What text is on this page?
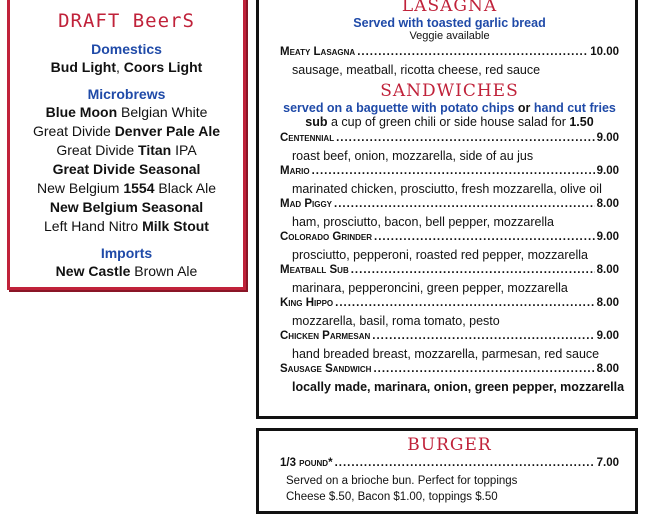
DRAFT BeerS
Domestics
Bud Light, Coors Light
Microbrews
Blue Moon Belgian White
Great Divide Denver Pale Ale
Great Divide Titan IPA
Great Divide Seasonal
New Belgium 1554 Black Ale
New Belgium Seasonal
Left Hand Nitro Milk Stout
Imports
New Castle Brown Ale
LASAGNA
Served with toasted garlic bread
Veggie available
Meaty Lasagna .....	10.00
sausage, meatball, ricotta cheese, red sauce
SANDWICHES
served on a baguette with potato chips or hand cut fries
sub a cup of green chili or side house salad for 1.50
Centennial .....	9.00
roast beef, onion, mozzarella, side of au jus
Mario .....	9.00
marinated chicken, prosciutto, fresh mozzarella, olive oil
Mad Piggy .....	8.00
ham, prosciutto, bacon, bell pepper, mozzarella
Colorado Grinder .....	9.00
prosciutto, pepperoni, roasted red pepper, mozzarella
Meatball Sub .....	8.00
marinara, pepperoncini, green pepper, mozzarella
King Hippo .....	8.00
mozzarella, basil, roma tomato, pesto
Chicken Parmesan .....	9.00
hand breaded breast, mozzarella, parmesan, red sauce
Sausage Sandwich .....	8.00
locally made, marinara, onion, green pepper, mozzarella
BURGER
1/3 pound* .....	7.00
Served on a brioche bun. Perfect for toppings
Cheese $.50, Bacon $1.00, toppings $.50
